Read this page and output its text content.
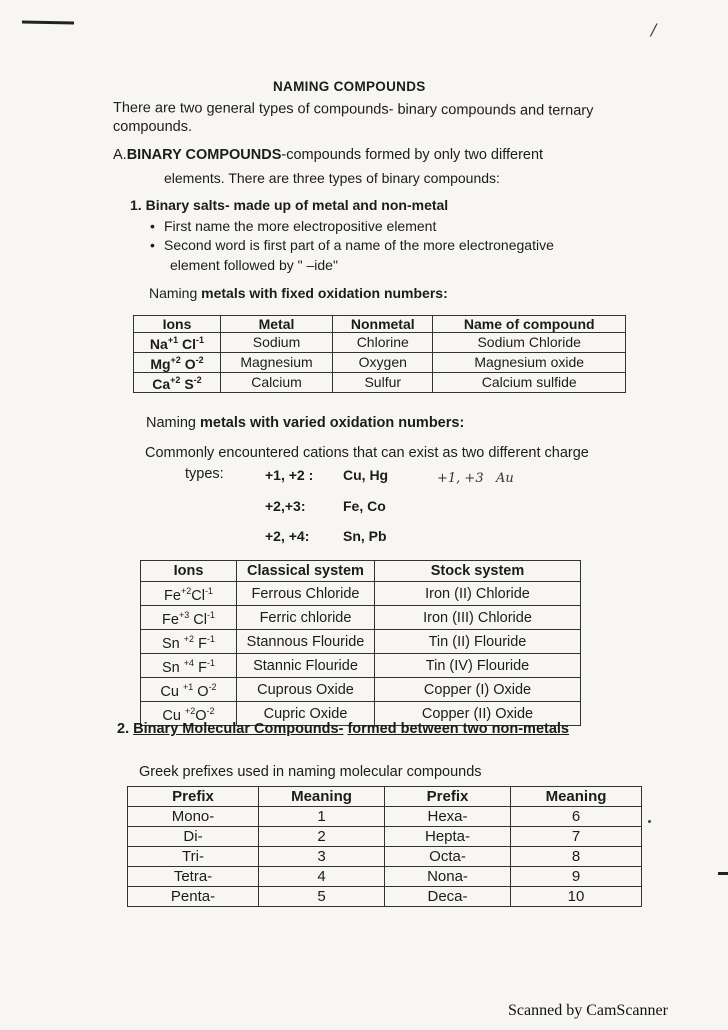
/
NAMING COMPOUNDS
There are two general types of compounds- binary compounds and ternary
compounds.
A.BINARY COMPOUNDS-compounds formed by only two different
elements. There are three types of binary compounds:
1. Binary salts- made up of metal and non-metal
• First name the more electropositive element
• Second word is first part of a name of the more electronegative
element followed by " –ide"
Naming metals with fixed oxidation numbers:
Ions	Metal	Nonmetal	Name of compound
$Na^{+1}$ $Cl^{-1}$	Sodium	Chlorine	Sodium Chloride
$Mg^{+2}$ $O^{-2}$	Magnesium	Oxygen	Magnesium oxide
$Ca^{+2}$ $S^{-2}$	Calcium	Sulfur	Calcium sulfide
Naming metals with varied oxidation numbers:
Commonly encountered cations that can exist as two different charge
types:	+1, +2 : Cu, Hg	+1, +3   Au
+2,+3:	Fe, Co
+2, +4: Sn, Pb
Ions	Classical system	Stock system
$Fe^{+2}Cl^{-1}$	Ferrous Chloride	Iron (II) Chloride
$Fe^{+3}$ $Cl^{-1}$	Ferric chloride	Iron (III) Chloride
Sn $^{+2}$ $F^{-1}$	Stannous Flouride	Tin (II) Flouride
Sn $^{+4}$ $F^{-1}$	Stannic Flouride	Tin (IV) Flouride
Cu $^{+1}$ $O^{-2}$	Cuprous Oxide	Copper (I) Oxide
Cu $^{+2}O^{-2}$	Cupric Oxide	Copper (II) Oxide
2. Binary Molecular Compounds- formed between two non-metals
Greek prefixes used in naming molecular compounds
Prefix	Meaning	Prefix	Meaning
Mono-	1	Hexa-	6
Di-	2	Hepta-	7
Tri-	3	Octa-	8
Tetra-	4	Nona-	9
Penta-	5	Deca-	10
Scanned by CamScanner
